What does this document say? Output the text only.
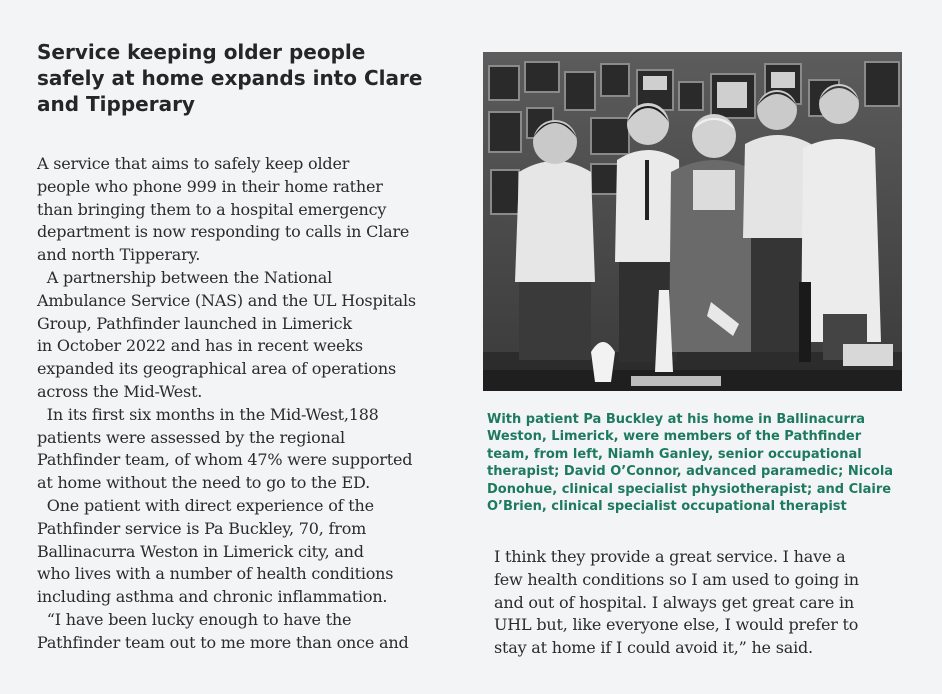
Service keeping older people
safely at home expands into Clare
and Tipperary
A service that aims to safely keep older
people who phone 999 in their home rather
than bringing them to a hospital emergency
department is now responding to calls in Clare
and north Tipperary.
A partnership between the National
Ambulance Service (NAS) and the UL Hospitals
Group, Pathfinder launched in Limerick
in October 2022 and has in recent weeks
expanded its geographical area of operations
across the Mid-West.
In its first six months in the Mid-West,188
patients were assessed by the regional
Pathfinder team, of whom 47% were supported
at home without the need to go to the ED.
One patient with direct experience of the
Pathfinder service is Pa Buckley, 70, from
Ballinacurra Weston in Limerick city, and
who lives with a number of health conditions
including asthma and chronic inflammation.
“I have been lucky enough to have the
Pathfinder team out to me more than once and
With patient Pa Buckley at his home in Ballinacurra
Weston, Limerick, were members of the Pathfinder
team, from left, Niamh Ganley, senior occupational
therapist; David O’Connor, advanced paramedic; Nicola
Donohue, clinical specialist physiotherapist; and Claire
O’Brien, clinical specialist occupational therapist
I think they provide a great service. I have a
few health conditions so I am used to going in
and out of hospital. I always get great care in
UHL but, like everyone else, I would prefer to
stay at home if I could avoid it,” he said.
